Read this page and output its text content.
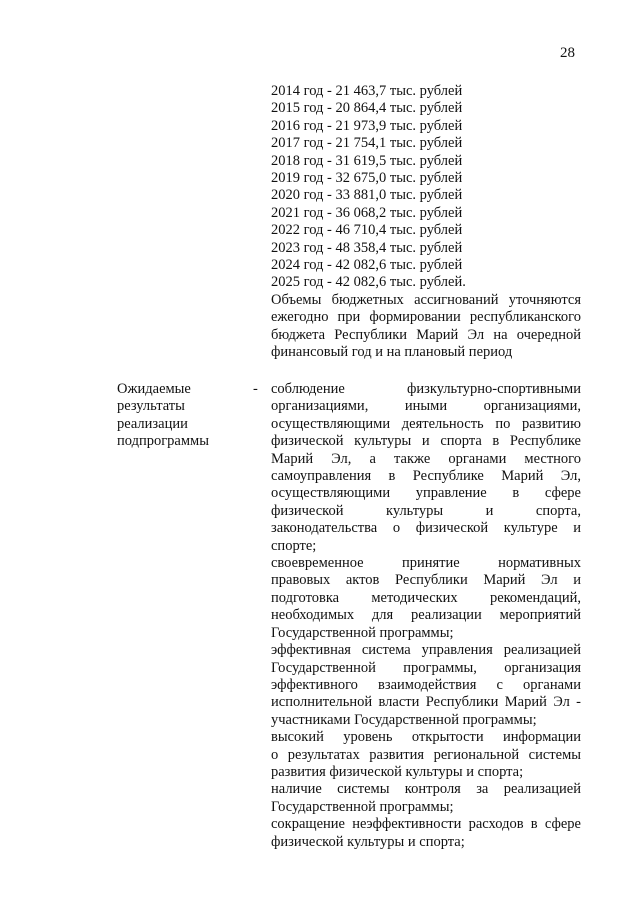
28
2014 год - 21 463,7 тыс. рублей
2015 год - 20 864,4 тыс. рублей
2016 год - 21 973,9 тыс. рублей
2017 год - 21 754,1 тыс. рублей
2018 год - 31 619,5 тыс. рублей
2019 год - 32 675,0 тыс. рублей
2020 год - 33 881,0 тыс. рублей
2021 год - 36 068,2 тыс. рублей
2022 год - 46 710,4 тыс. рублей
2023 год - 48 358,4 тыс. рублей
2024 год - 42 082,6 тыс. рублей
2025 год - 42 082,6 тыс. рублей.
Объемы бюджетных ассигнований уточняются
ежегодно при формировании республиканского
бюджета Республики Марий Эл на очередной
финансовый год и на плановый период
Ожидаемые
результаты
реализации
подпрограммы
- соблюдение физкультурно-спортивными
организациями, иными организациями,
осуществляющими деятельность по развитию
физической культуры и спорта в Республике
Марий Эл, а также органами местного
самоуправления в Республике Марий Эл,
осуществляющими управление в сфере
физической культуры и спорта,
законодательства о физической культуре и
спорте;
своевременное принятие нормативных
правовых актов Республики Марий Эл и
подготовка методических рекомендаций,
необходимых для реализации мероприятий
Государственной программы;
эффективная система управления реализацией
Государственной программы, организация
эффективного взаимодействия с органами
исполнительной власти Республики Марий Эл -
участниками Государственной программы;
высокий уровень открытости информации
о результатах развития региональной системы
развития физической культуры и спорта;
наличие системы контроля за реализацией
Государственной программы;
сокращение неэффективности расходов в сфере
физической культуры и спорта;
